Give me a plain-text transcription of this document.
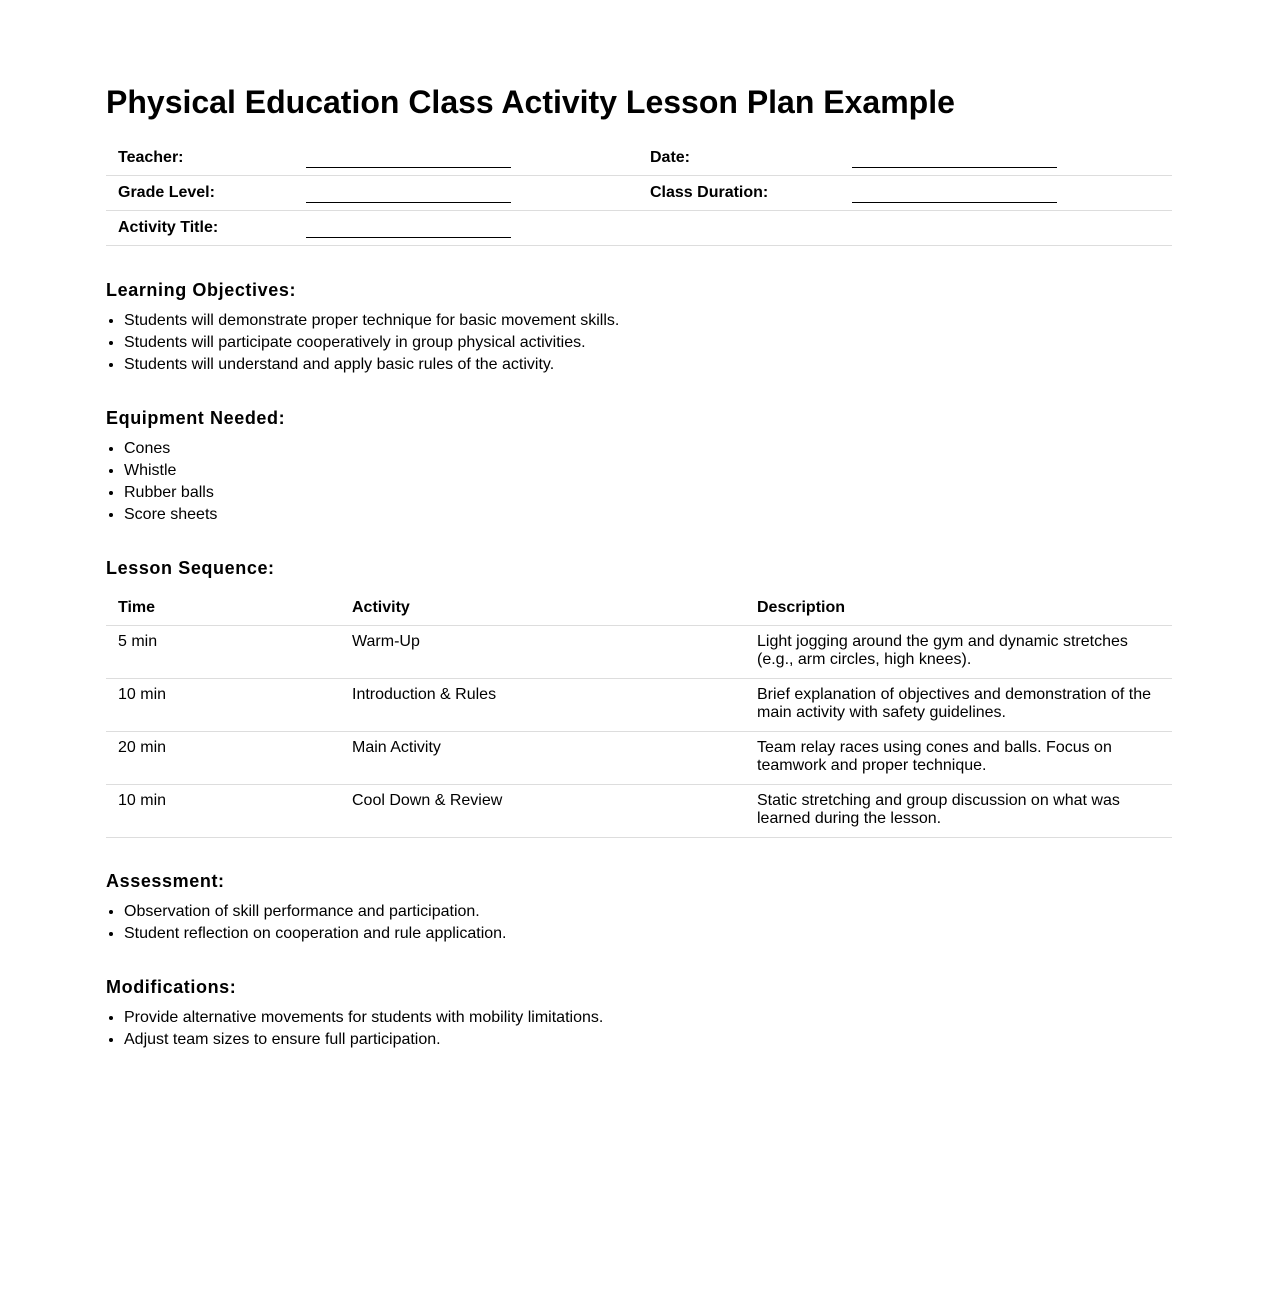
Physical Education Class Activity Lesson Plan Example
Teacher:		Date:	
Grade Level:		Class Duration:	
Activity Title:			
Learning Objectives:
• Students will demonstrate proper technique for basic movement skills.
• Students will participate cooperatively in group physical activities.
• Students will understand and apply basic rules of the activity.
Equipment Needed:
• Cones
• Whistle
• Rubber balls
• Score sheets
Lesson Sequence:
Time	Activity	Description
5 min	Warm-Up	Light jogging around the gym and dynamic stretches (e.g., arm circles, high knees).
10 min	Introduction & Rules	Brief explanation of objectives and demonstration of the main activity with safety guidelines.
20 min	Main Activity	Team relay races using cones and balls. Focus on teamwork and proper technique.
10 min	Cool Down & Review	Static stretching and group discussion on what was learned during the lesson.
Assessment:
• Observation of skill performance and participation.
• Student reflection on cooperation and rule application.
Modifications:
• Provide alternative movements for students with mobility limitations.
• Adjust team sizes to ensure full participation.
